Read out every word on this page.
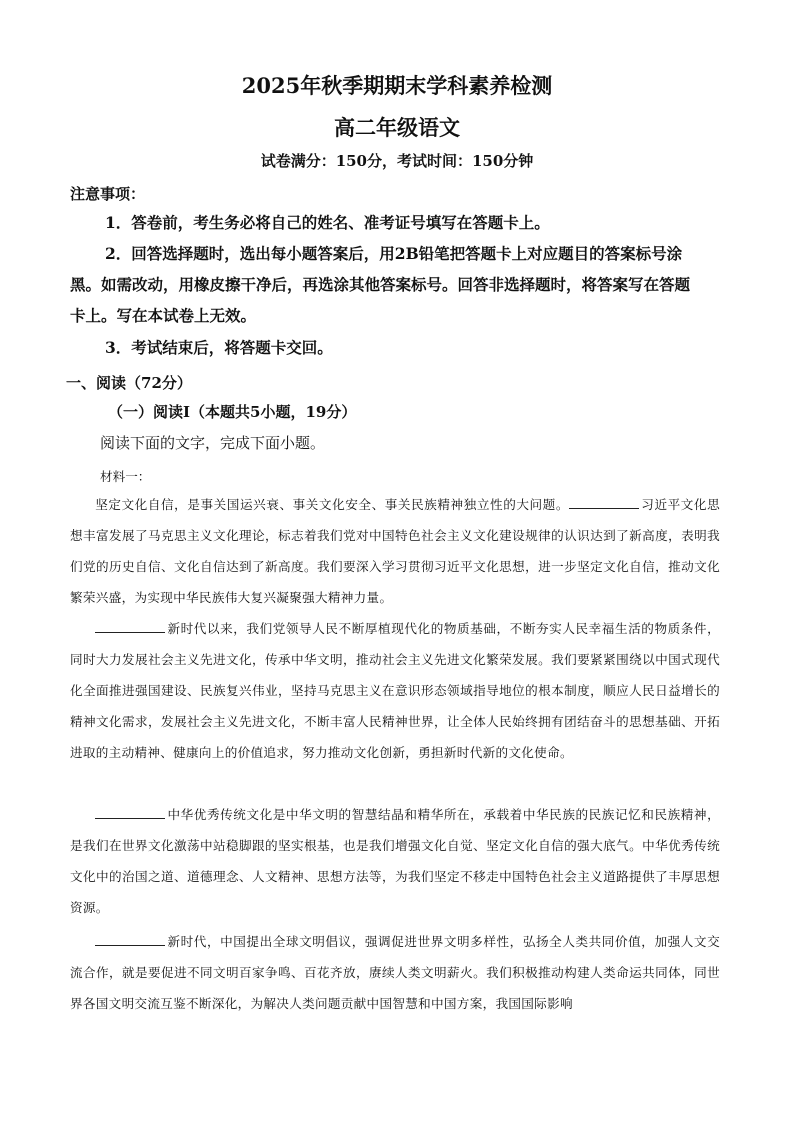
2025年秋季期期末学科素养检测
高二年级语文
试卷满分：150分，考试时间：150分钟
注意事项：
1．答卷前，考生务必将自己的姓名、准考证号填写在答题卡上。
2．回答选择题时，选出每小题答案后，用2B铅笔把答题卡上对应题目的答案标号涂
黑。如需改动，用橡皮擦干净后，再选涂其他答案标号。回答非选择题时，将答案写在答题
卡上。写在本试卷上无效。
3．考试结束后，将答题卡交回。
一、阅读（72分）
（一）阅读Ⅰ（本题共5小题，19分）
阅读下面的文字，完成下面小题。
材料一：
坚定文化自信，是事关国运兴衰、事关文化安全、事关民族精神独立性的大问题。	习近平文化思想丰富发展了马克思主义文化理论，标志着我们党对中国特色社会主义文化建设规律的认识达到了新高度，表明我们党的历史自信、文化自信达到了新高度。我们要深入学习贯彻习近平文化思想，进一步坚定文化自信，推动文化繁荣兴盛，为实现中华民族伟大复兴凝聚强大精神力量。
新时代以来，我们党领导人民不断厚植现代化的物质基础，不断夯实人民幸福生活的物质条件，同时大力发展社会主义先进文化，传承中华文明，推动社会主义先进文化繁荣发展。我们要紧紧围绕以中国式现代化全面推进强国建设、民族复兴伟业，坚持马克思主义在意识形态领域指导地位的根本制度，顺应人民日益增长的精神文化需求，发展社会主义先进文化，不断丰富人民精神世界，让全体人民始终拥有团结奋斗的思想基础、开拓进取的主动精神、健康向上的价值追求，努力推动文化创新，勇担新时代新的文化使命。
中华优秀传统文化是中华文明的智慧结晶和精华所在，承载着中华民族的民族记忆和民族精神，是我们在世界文化激荡中站稳脚跟的坚实根基，也是我们增强文化自觉、坚定文化自信的强大底气。中华优秀传统文化中的治国之道、道德理念、人文精神、思想方法等，为我们坚定不移走中国特色社会主义道路提供了丰厚思想资源。
新时代，中国提出全球文明倡议，强调促进世界文明多样性，弘扬全人类共同价值，加强人文交流合作，就是要促进不同文明百家争鸣、百花齐放，赓续人类文明薪火。我们积极推动构建人类命运共同体，同世界各国文明交流互鉴不断深化，为解决人类问题贡献中国智慧和中国方案，我国国际影响
